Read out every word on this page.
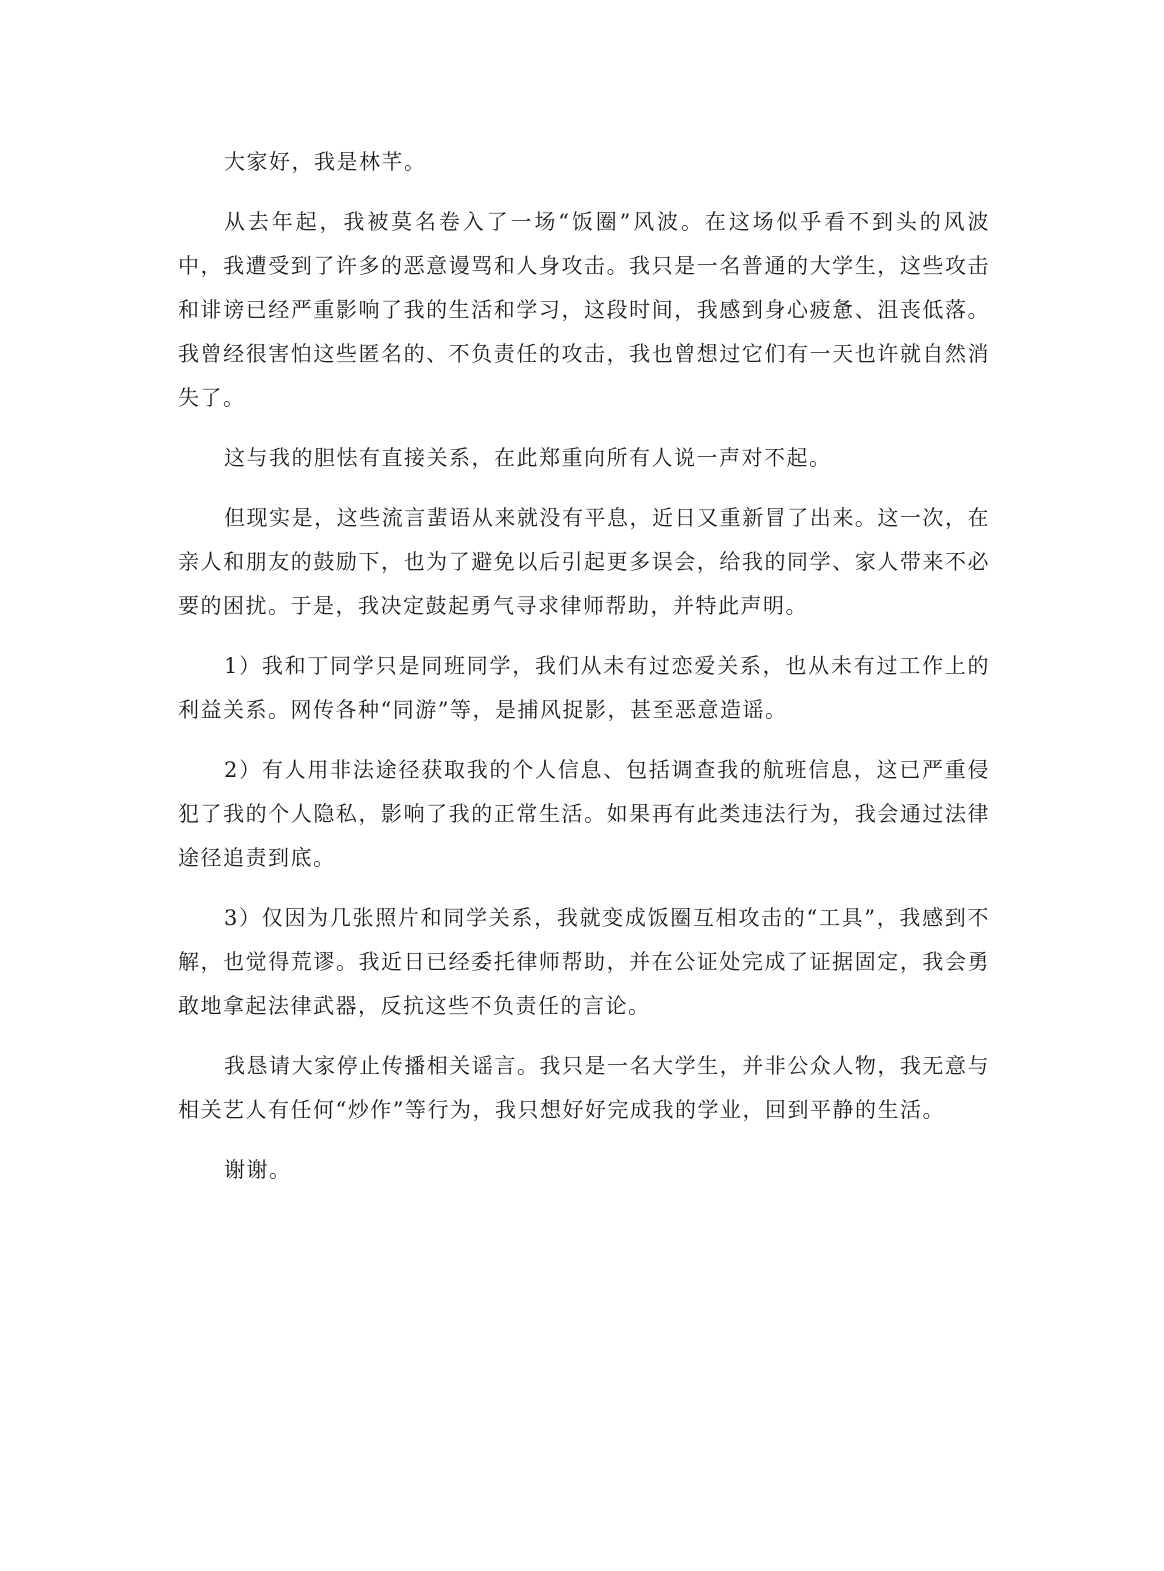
大家好，我是林芊。

从去年起，我被莫名卷入了一场“饭圈”风波。在这场似乎看不到头的风波中，我遭受到了许多的恶意谩骂和人身攻击。我只是一名普通的大学生，这些攻击和诽谤已经严重影响了我的生活和学习，这段时间，我感到身心疲惫、沮丧低落。我曾经很害怕这些匿名的、不负责任的攻击，我也曾想过它们有一天也许就自然消失了。

这与我的胆怯有直接关系，在此郑重向所有人说一声对不起。

但现实是，这些流言蜚语从来就没有平息，近日又重新冒了出来。这一次，在亲人和朋友的鼓励下，也为了避免以后引起更多误会，给我的同学、家人带来不必要的困扰。于是，我决定鼓起勇气寻求律师帮助，并特此声明。

1）我和丁同学只是同班同学，我们从未有过恋爱关系，也从未有过工作上的利益关系。网传各种“同游”等，是捕风捉影，甚至恶意造谣。

2）有人用非法途径获取我的个人信息、包括调查我的航班信息，这已严重侵犯了我的个人隐私，影响了我的正常生活。如果再有此类违法行为，我会通过法律途径追责到底。

3）仅因为几张照片和同学关系，我就变成饭圈互相攻击的“工具”，我感到不解，也觉得荒谬。我近日已经委托律师帮助，并在公证处完成了证据固定，我会勇敢地拿起法律武器，反抗这些不负责任的言论。

我恳请大家停止传播相关谣言。我只是一名大学生，并非公众人物，我无意与相关艺人有任何“炒作”等行为，我只想好好完成我的学业，回到平静的生活。

谢谢。
